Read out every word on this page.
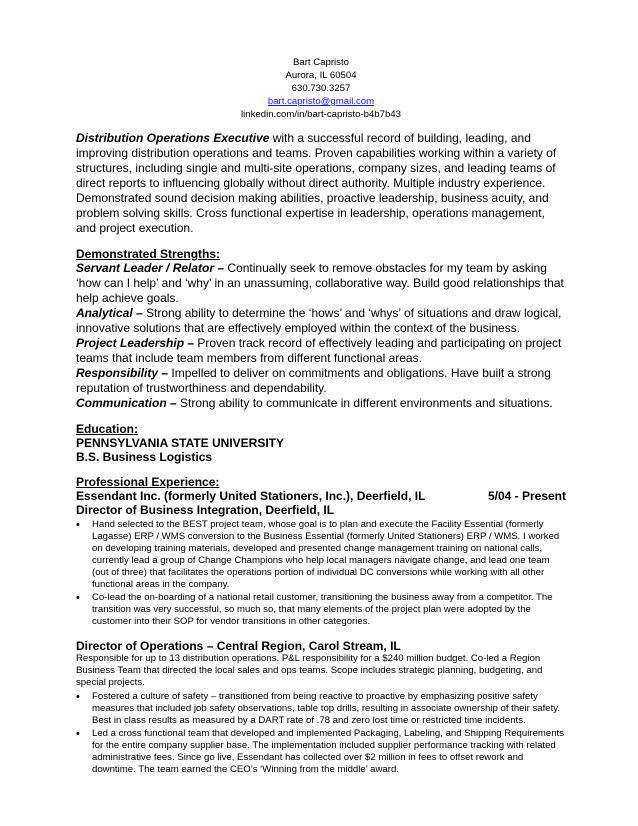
Bart Capristo
Aurora, IL 60504
630.730.3257
bart.capristo@gmail.com
linkedin.com/in/bart-capristo-b4b7b43
Distribution Operations Executive with a successful record of building, leading, and improving distribution operations and teams. Proven capabilities working within a variety of structures, including single and multi-site operations, company sizes, and leading teams of direct reports to influencing globally without direct authority. Multiple industry experience. Demonstrated sound decision making abilities, proactive leadership, business acuity, and problem solving skills. Cross functional expertise in leadership, operations management, and project execution.
Demonstrated Strengths:
Servant Leader / Relator – Continually seek to remove obstacles for my team by asking ‘how can I help’ and ‘why’ in an unassuming, collaborative way. Build good relationships that help achieve goals.
Analytical – Strong ability to determine the ‘hows’ and ‘whys’ of situations and draw logical, innovative solutions that are effectively employed within the context of the business.
Project Leadership – Proven track record of effectively leading and participating on project teams that include team members from different functional areas.
Responsibility – Impelled to deliver on commitments and obligations. Have built a strong reputation of trustworthiness and dependability.
Communication – Strong ability to communicate in different environments and situations.
Education:
PENNSYLVANIA STATE UNIVERSITY
B.S. Business Logistics
Professional Experience:
Essendant Inc. (formerly United Stationers, Inc.), Deerfield, IL	5/04 - Present
Director of Business Integration, Deerfield, IL
• Hand selected to the BEST project team, whose goal is to plan and execute the Facility Essential (formerly Lagasse) ERP / WMS conversion to the Business Essential (formerly United Stationers) ERP / WMS. I worked on developing training materials, developed and presented change management training on national calls, currently lead a group of Change Champions who help local managers navigate change, and lead one team (out of three) that facilitates the operations portion of individual DC conversions while working with all other functional areas in the company.
• Co-lead the on-boarding of a national retail customer, transitioning the business away from a competitor. The transition was very successful, so much so, that many elements of the project plan were adopted by the customer into their SOP for vendor transitions in other categories.
Director of Operations – Central Region, Carol Stream, IL
Responsible for up to 13 distribution operations. P&L responsibility for a $240 million budget. Co-led a Region Business Team that directed the local sales and ops teams. Scope includes strategic planning, budgeting, and special projects.
• Fostered a culture of safety – transitioned from being reactive to proactive by emphasizing positive safety measures that included job safety observations, table top drills, resulting in associate ownership of their safety. Best in class results as measured by a DART rate of .78 and zero lost time or restricted time incidents.
• Led a cross functional team that developed and implemented Packaging, Labeling, and Shipping Requirements for the entire company supplier base. The implementation included supplier performance tracking with related administrative fees. Since go live, Essendant has collected over $2 million in fees to offset rework and downtime. The team earned the CEO’s ‘Winning from the middle’ award.
